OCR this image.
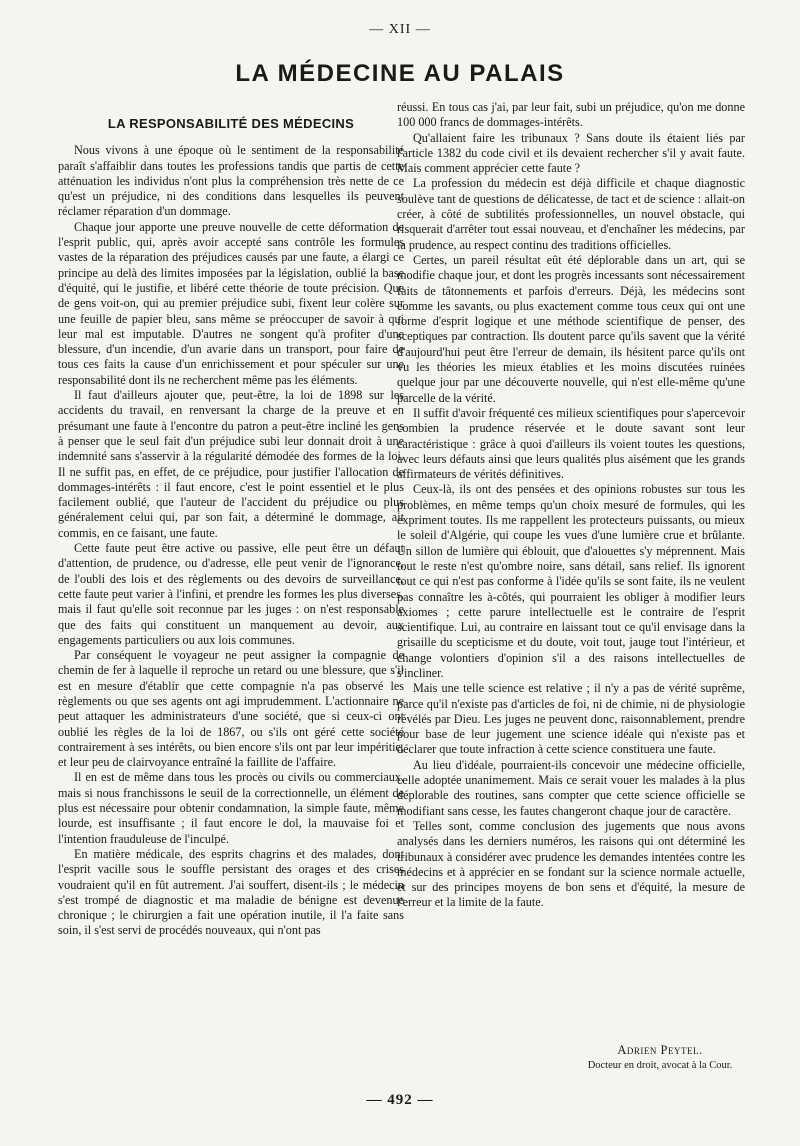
— XII —
LA MÉDECINE AU PALAIS
LA RESPONSABILITÉ DES MÉDECINS

Nous vivons à une époque où le sentiment de la responsabilité paraît s'affaiblir dans toutes les professions tandis que partis de cette atténuation les individus n'ont plus la compréhension très nette de ce qu'est un préjudice, ni des conditions dans lesquelles ils peuvent réclamer réparation d'un dommage.

Chaque jour apporte une preuve nouvelle de cette déformation de l'esprit public, qui, après avoir accepté sans contrôle les formules vastes de la réparation des préjudices causés par une faute, a élargi ce principe au delà des limites imposées par la législation, oublié la base d'équité, qui le justifie, et libéré cette théorie de toute précision. Que de gens voit-on, qui au premier préjudice subi, fixent leur colère sur une feuille de papier bleu, sans même se préoccuper de savoir à qui leur mal est imputable. D'autres ne songent qu'à profiter d'une blessure, d'un incendie, d'un avarie dans un transport, pour faire de tous ces faits la cause d'un enrichissement et pour spéculer sur une responsabilité dont ils ne recherchent même pas les éléments.

Il faut d'ailleurs ajouter que, peut-être, la loi de 1898 sur les accidents du travail, en renversant la charge de la preuve et en présumant une faute à l'encontre du patron a peut-être incliné les gens à penser que le seul fait d'un préjudice subi leur donnait droit à une indemnité sans s'asservir à la régularité démodée des formes de la loi. Il ne suffit pas, en effet, de ce préjudice, pour justifier l'allocation de dommages-intérêts : il faut encore, c'est le point essentiel et le plus facilement oublié, que l'auteur de l'accident du préjudice ou plus généralement celui qui, par son fait, a déterminé le dommage, ait commis, en ce faisant, une faute.

Cette faute peut être active ou passive, elle peut être un défaut d'attention, de prudence, ou d'adresse, elle peut venir de l'ignorance, de l'oubli des lois et des règlements ou des devoirs de surveillance, cette faute peut varier à l'infini, et prendre les formes les plus diverses, mais il faut qu'elle soit reconnue par les juges : on n'est responsable que des faits qui constituent un manquement au devoir, aux engagements particuliers ou aux lois communes.

Par conséquent le voyageur ne peut assigner la compagnie de chemin de fer à laquelle il reproche un retard ou une blessure, que s'il est en mesure d'établir que cette compagnie n'a pas observé les règlements ou que ses agents ont agi imprudemment. L'actionnaire ne peut attaquer les administrateurs d'une société, que si ceux-ci ont oublié les règles de la loi de 1867, ou s'ils ont géré cette société contrairement à ses intérêts, ou bien encore s'ils ont par leur impéritie, et leur peu de clairvoyance entraîné la faillite de l'affaire.

Il en est de même dans tous les procès ou civils ou commerciaux, mais si nous franchissons le seuil de la correctionnelle, un élément de plus est nécessaire pour obtenir condamnation, la simple faute, même lourde, est insuffisante ; il faut encore le dol, la mauvaise foi et l'intention frauduleuse de l'inculpé.

En matière médicale, des esprits chagrins et des malades, dont l'esprit vacille sous le souffle persistant des orages et des crises voudraient qu'il en fût autrement. J'ai souffert, disent-ils ; le médecin s'est trompé de diagnostic et ma maladie de bénigne est devenue chronique ; le chirurgien a fait une opération inutile, il l'a faite sans soin, il s'est servi de procédés nouveaux, qui n'ont pas

réussi. En tous cas j'ai, par leur fait, subi un préjudice, qu'on me donne 100 000 francs de dommages-intérêts.

Qu'allaient faire les tribunaux ? Sans doute ils étaient liés par l'article 1382 du code civil et ils devaient rechercher s'il y avait faute. Mais comment apprécier cette faute ?

La profession du médecin est déjà difficile et chaque diagnostic soulève tant de questions de délicatesse, de tact et de science : allait-on créer, à côté de subtilités professionnelles, un nouvel obstacle, qui risquerait d'arrêter tout essai nouveau, et d'enchaîner les médecins, par la prudence, au respect continu des traditions officielles.

Certes, un pareil résultat eût été déplorable dans un art, qui se modifie chaque jour, et dont les progrès incessants sont nécessairement faits de tâtonnements et parfois d'erreurs. Déjà, les médecins sont comme les savants, ou plus exactement comme tous ceux qui ont une forme d'esprit logique et une méthode scientifique de penser, des sceptiques par contraction. Ils doutent parce qu'ils savent que la vérité d'aujourd'hui peut être l'erreur de demain, ils hésitent parce qu'ils ont vu les théories les mieux établies et les moins discutées ruinées quelque jour par une découverte nouvelle, qui n'est elle-même qu'une parcelle de la vérité.

Il suffit d'avoir fréquenté ces milieux scientifiques pour s'apercevoir combien la prudence réservée et le doute savant sont leur caractéristique : grâce à quoi d'ailleurs ils voient toutes les questions, avec leurs défauts ainsi que leurs qualités plus aisément que les grands affirmateurs de vérités définitives.

Ceux-là, ils ont des pensées et des opinions robustes sur tous les problèmes, en même temps qu'un choix mesuré de formules, qui les expriment toutes. Ils me rappellent les protecteurs puissants, ou mieux le soleil d'Algérie, qui coupe les vues d'une lumière crue et brûlante. Un sillon de lumière qui éblouit, que d'alouettes s'y méprennent. Mais tout le reste n'est qu'ombre noire, sans détail, sans relief. Ils ignorent tout ce qui n'est pas conforme à l'idée qu'ils se sont faite, ils ne veulent pas connaître les à-côtés, qui pourraient les obliger à modifier leurs axiomes ; cette parure intellectuelle est le contraire de l'esprit scientifique. Lui, au contraire en laissant tout ce qu'il envisage dans la grisaille du scepticisme et du doute, voit tout, jauge tout l'intérieur, et change volontiers d'opinion s'il a des raisons intellectuelles de s'incliner.

Mais une telle science est relative ; il n'y a pas de vérité suprême, parce qu'il n'existe pas d'articles de foi, ni de chimie, ni de physiologie révélés par Dieu. Les juges ne peuvent donc, raisonnablement, prendre pour base de leur jugement une science idéale qui n'existe pas et déclarer que toute infraction à cette science constituera une faute.

Au lieu d'idéale, pourraient-ils concevoir une médecine officielle, celle adoptée unanimement. Mais ce serait vouer les malades à la plus déplorable des routines, sans compter que cette science officielle se modifiant sans cesse, les fautes changeront chaque jour de caractère.

Telles sont, comme conclusion des jugements que nous avons analysés dans les derniers numéros, les raisons qui ont déterminé les tribunaux à considérer avec prudence les demandes intentées contre les médecins et à apprécier en se fondant sur la science normale actuelle, et sur des principes moyens de bon sens et d'équité, la mesure de l'erreur et la limite de la faute.

Adrien Peytel.
Docteur en droit, avocat à la Cour.
— 492 —
